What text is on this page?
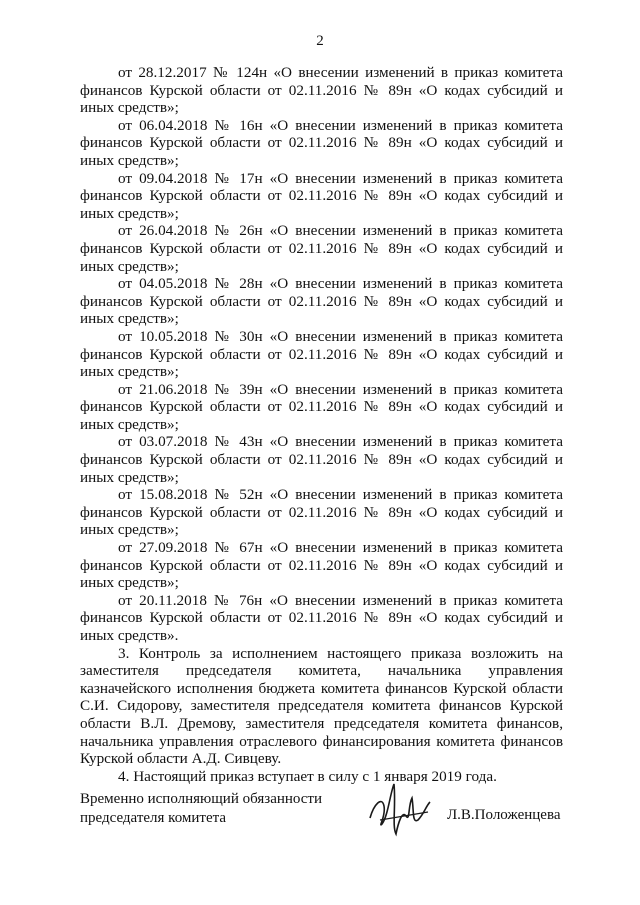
2

от 28.12.2017 № 124н «О внесении изменений в приказ комитета финансов Курской области от 02.11.2016 № 89н «О кодах субсидий и иных средств»;

от 06.04.2018 № 16н «О внесении изменений в приказ комитета финансов Курской области от 02.11.2016 № 89н «О кодах субсидий и иных средств»;

от 09.04.2018 № 17н «О внесении изменений в приказ комитета финансов Курской области от 02.11.2016 № 89н «О кодах субсидий и иных средств»;

от 26.04.2018 № 26н «О внесении изменений в приказ комитета финансов Курской области от 02.11.2016 № 89н «О кодах субсидий и иных средств»;

от 04.05.2018 № 28н «О внесении изменений в приказ комитета финансов Курской области от 02.11.2016 № 89н «О кодах субсидий и иных средств»;

от 10.05.2018 № 30н «О внесении изменений в приказ комитета финансов Курской области от 02.11.2016 № 89н «О кодах субсидий и иных средств»;

от 21.06.2018 № 39н «О внесении изменений в приказ комитета финансов Курской области от 02.11.2016 № 89н «О кодах субсидий и иных средств»;

от 03.07.2018 № 43н «О внесении изменений в приказ комитета финансов Курской области от 02.11.2016 № 89н «О кодах субсидий и иных средств»;

от 15.08.2018 № 52н «О внесении изменений в приказ комитета финансов Курской области от 02.11.2016 № 89н «О кодах субсидий и иных средств»;

от 27.09.2018 № 67н «О внесении изменений в приказ комитета финансов Курской области от 02.11.2016 № 89н «О кодах субсидий и иных средств»;

от 20.11.2018 № 76н «О внесении изменений в приказ комитета финансов Курской области от 02.11.2016 № 89н «О кодах субсидий и иных средств».

3. Контроль за исполнением настоящего приказа возложить на заместителя председателя комитета, начальника управления казначейского исполнения бюджета комитета финансов Курской области С.И. Сидорову, заместителя председателя комитета финансов Курской области В.Л. Дремову, заместителя председателя комитета финансов, начальника управления отраслевого финансирования комитета финансов Курской области А.Д. Сивцеву.

4. Настоящий приказ вступает в силу с 1 января 2019 года.

Временно исполняющий обязанности
председателя комитета	Л.В.Положенцева
